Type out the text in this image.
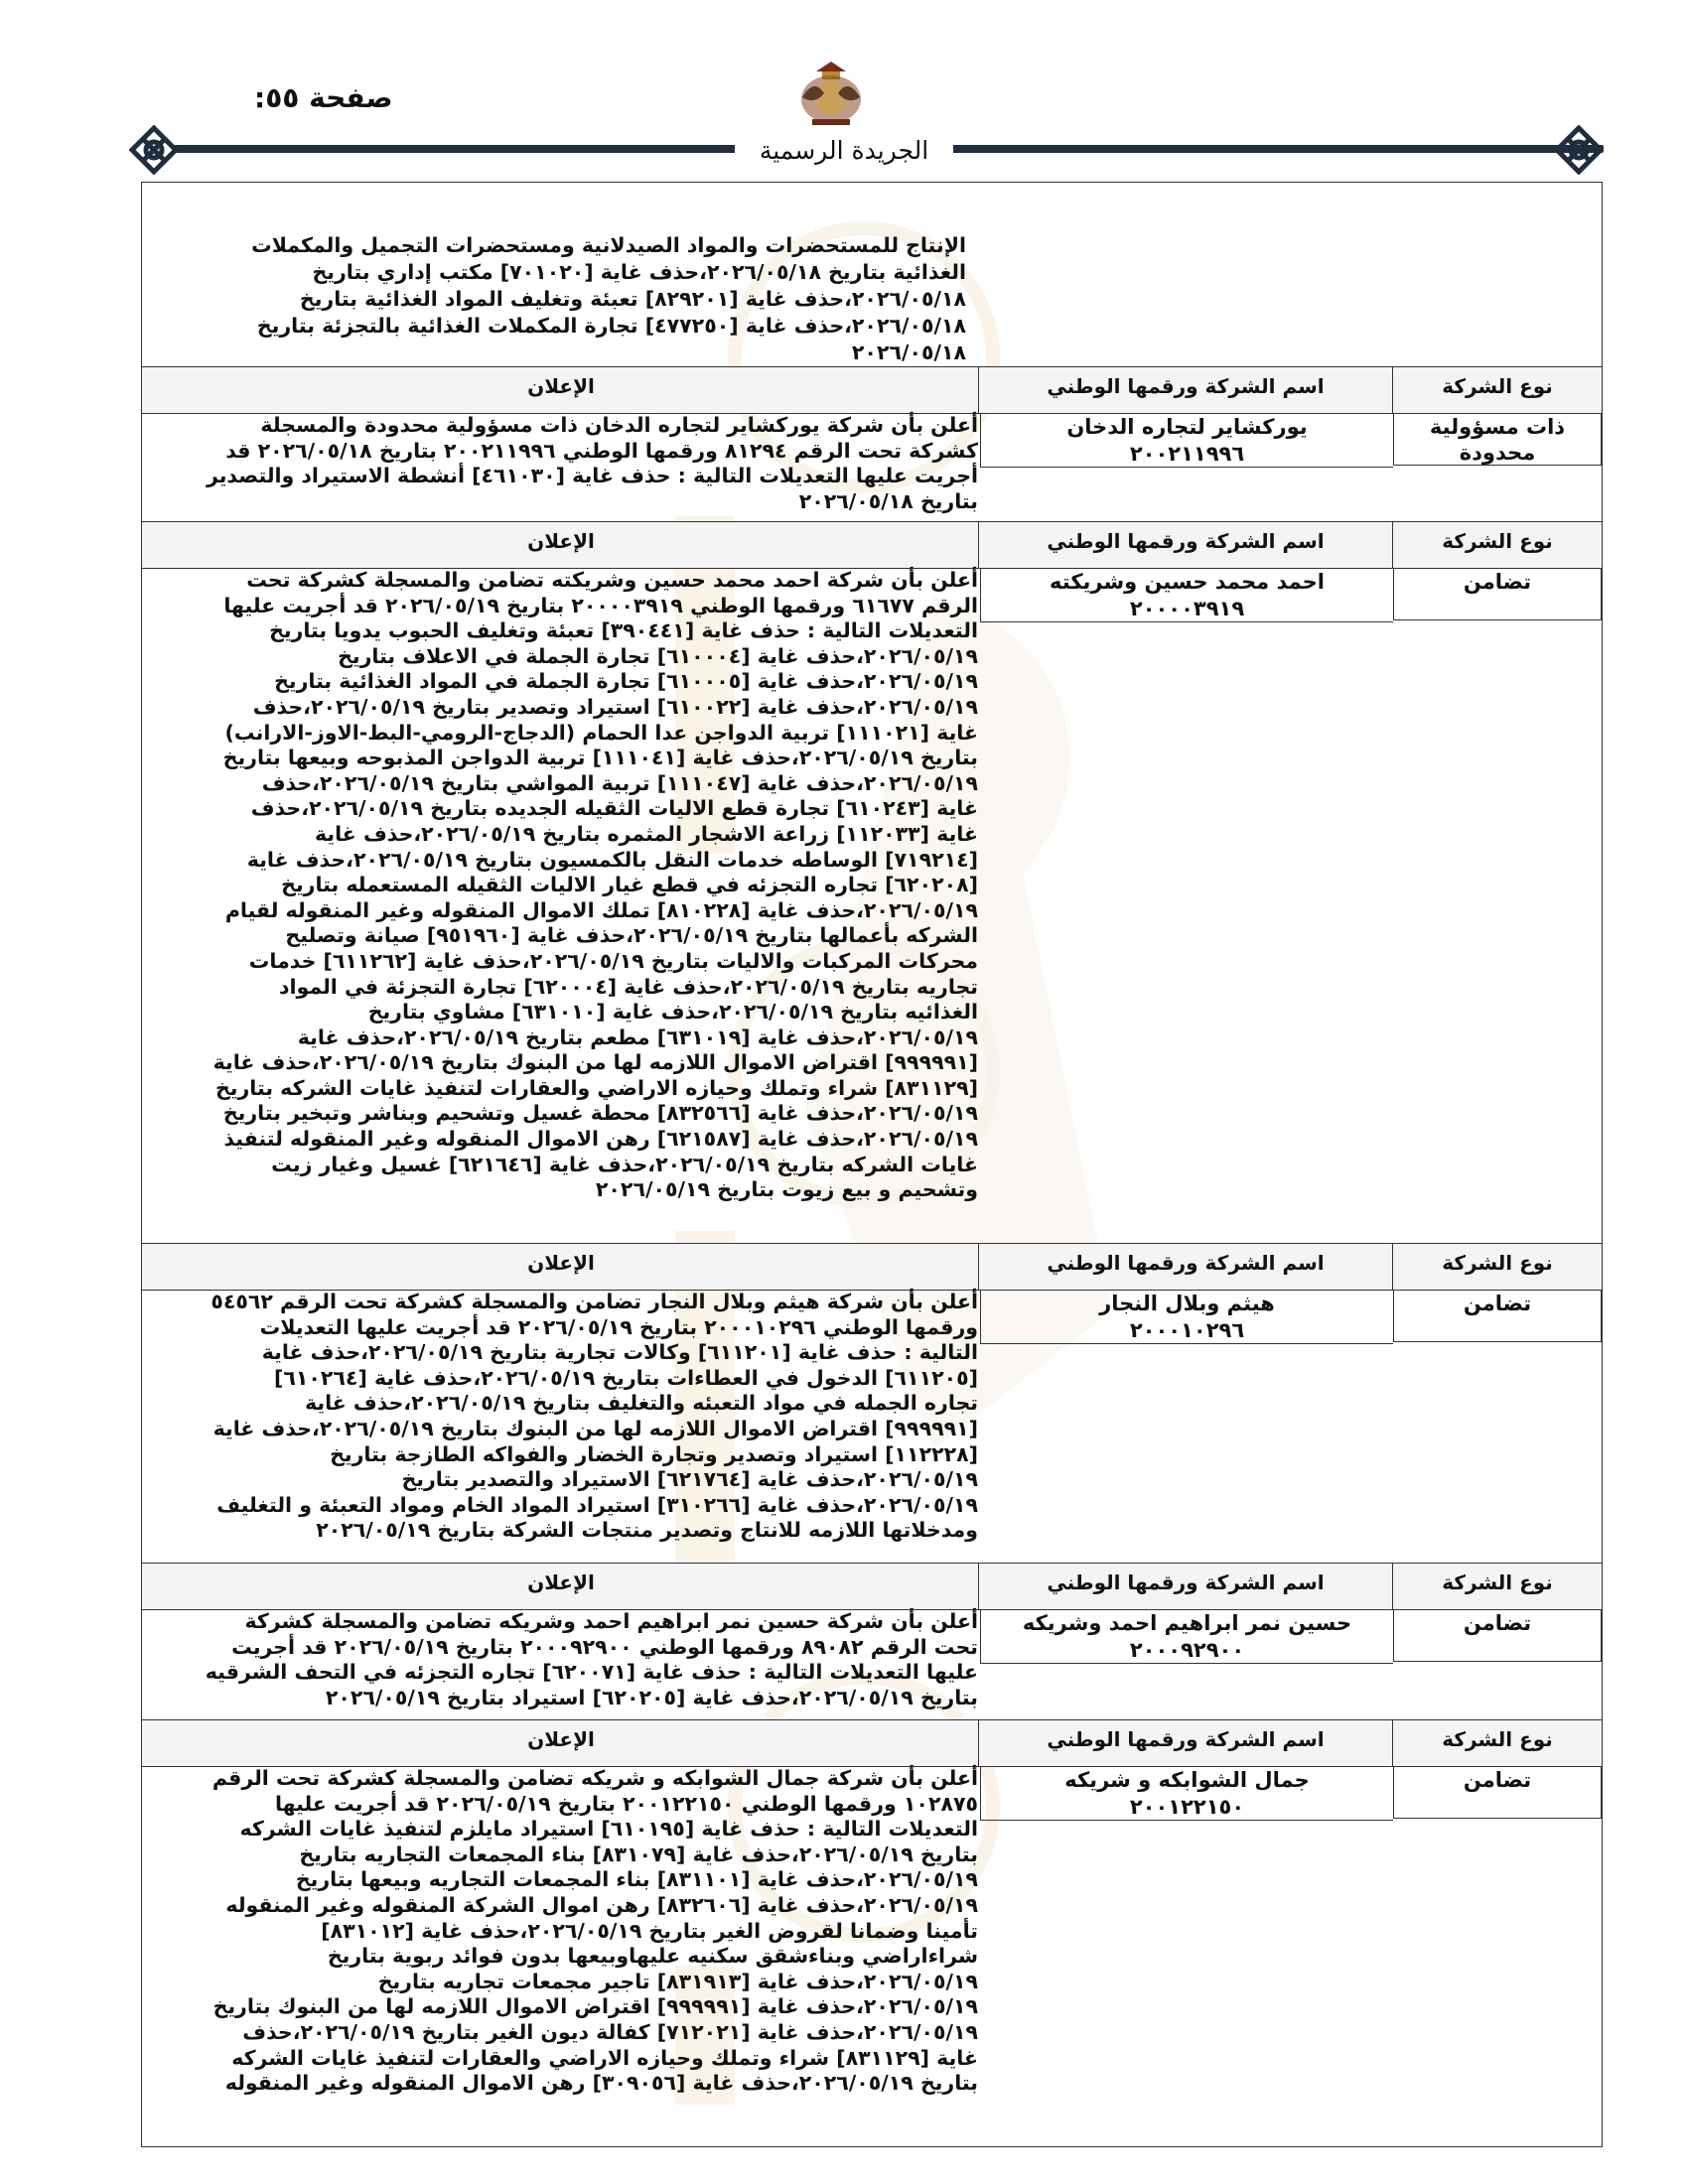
صفحة ٥٥:
الجريدة الرسمية
الإنتاج للمستحضرات والمواد الصيدلانية ومستحضرات التجميل والمكملات
الغذائية بتاريخ ٢٠٢٦/٠٥/١٨،حذف غاية [٧٠١٠٢٠] مكتب إداري بتاريخ
٢٠٢٦/٠٥/١٨،حذف غاية [٨٢٩٢٠١] تعبئة وتغليف المواد الغذائية بتاريخ
٢٠٢٦/٠٥/١٨،حذف غاية [٤٧٧٢٥٠] تجارة المكملات الغذائية بالتجزئة بتاريخ
٢٠٢٦/٠٥/١٨
نوع الشركة
اسم الشركة ورقمها الوطني
الإعلان
ذات مسؤولية
محدودة
يوركشاير لتجاره الدخان
٢٠٠٢١١٩٩٦
أعلن بأن شركة يوركشاير لتجاره الدخان ذات مسؤولية محدودة والمسجلة
كشركة تحت الرقم ٨١٢٩٤ ورقمها الوطني ٢٠٠٢١١٩٩٦ بتاريخ ٢٠٢٦/٠٥/١٨ قد
أجريت عليها التعديلات التالية : حذف غاية [٤٦١٠٣٠] أنشطة الاستيراد والتصدير
بتاريخ ٢٠٢٦/٠٥/١٨
نوع الشركة
اسم الشركة ورقمها الوطني
الإعلان
تضامن
احمد محمد حسين وشريكته
٢٠٠٠٠٣٩١٩
أعلن بأن شركة احمد محمد حسين وشريكته تضامن والمسجلة كشركة تحت
الرقم ٦١٦٧٧ ورقمها الوطني ٢٠٠٠٠٣٩١٩ بتاريخ ٢٠٢٦/٠٥/١٩ قد أجريت عليها
التعديلات التالية : حذف غاية [٣٩٠٤٤١] تعبئة وتغليف الحبوب يدويا بتاريخ
٢٠٢٦/٠٥/١٩،حذف غاية [٦١٠٠٠٤] تجارة الجملة في الاعلاف بتاريخ
٢٠٢٦/٠٥/١٩،حذف غاية [٦١٠٠٠٥] تجارة الجملة في المواد الغذائية بتاريخ
٢٠٢٦/٠٥/١٩،حذف غاية [٦١٠٠٢٢] استيراد وتصدير بتاريخ ٢٠٢٦/٠٥/١٩،حذف
غاية [١١١٠٢١] تربية الدواجن عدا الحمام (الدجاج-الرومي-البط-الاوز-الارانب)
بتاريخ ٢٠٢٦/٠٥/١٩،حذف غاية [١١١٠٤١] تربية الدواجن المذبوحه وبيعها بتاريخ
٢٠٢٦/٠٥/١٩،حذف غاية [١١١٠٤٧] تربية المواشي بتاريخ ٢٠٢٦/٠٥/١٩،حذف
غاية [٦١٠٢٤٣] تجارة قطع الاليات الثقيله الجديده بتاريخ ٢٠٢٦/٠٥/١٩،حذف
غاية [١١٢٠٣٣] زراعة الاشجار المثمره بتاريخ ٢٠٢٦/٠٥/١٩،حذف غاية
[٧١٩٢١٤] الوساطه خدمات النقل بالكمسيون بتاريخ ٢٠٢٦/٠٥/١٩،حذف غاية
[٦٢٠٢٠٨] تجاره التجزئه في قطع غيار الاليات الثقيله المستعمله بتاريخ
٢٠٢٦/٠٥/١٩،حذف غاية [٨١٠٢٢٨] تملك الاموال المنقوله وغير المنقوله لقيام
الشركه بأعمالها بتاريخ ٢٠٢٦/٠٥/١٩،حذف غاية [٩٥١٩٦٠] صيانة وتصليح
محركات المركبات والاليات بتاريخ ٢٠٢٦/٠٥/١٩،حذف غاية [٦١١٢٦٢] خدمات
تجاريه بتاريخ ٢٠٢٦/٠٥/١٩،حذف غاية [٦٢٠٠٠٤] تجارة التجزئة في المواد
الغذائيه بتاريخ ٢٠٢٦/٠٥/١٩،حذف غاية [٦٣١٠١٠] مشاوي بتاريخ
٢٠٢٦/٠٥/١٩،حذف غاية [٦٣١٠١٩] مطعم بتاريخ ٢٠٢٦/٠٥/١٩،حذف غاية
[٩٩٩٩٩١] اقتراض الاموال اللازمه لها من البنوك بتاريخ ٢٠٢٦/٠٥/١٩،حذف غاية
[٨٣١١٢٩] شراء وتملك وحيازه الاراضي والعقارات لتنفيذ غايات الشركه بتاريخ
٢٠٢٦/٠٥/١٩،حذف غاية [٨٣٢٥٦٦] محطة غسيل وتشحيم وبناشر وتبخير بتاريخ
٢٠٢٦/٠٥/١٩،حذف غاية [٦٢١٥٨٧] رهن الاموال المنقوله وغير المنقوله لتنفيذ
غايات الشركه بتاريخ ٢٠٢٦/٠٥/١٩،حذف غاية [٦٢١٦٤٦] غسيل وغيار زيت
وتشحيم و بيع زيوت بتاريخ ٢٠٢٦/٠٥/١٩
نوع الشركة
اسم الشركة ورقمها الوطني
الإعلان
تضامن
هيثم وبلال النجار
٢٠٠٠١٠٢٩٦
أعلن بأن شركة هيثم وبلال النجار تضامن والمسجلة كشركة تحت الرقم ٥٤٥٦٢
ورقمها الوطني ٢٠٠٠١٠٢٩٦ بتاريخ ٢٠٢٦/٠٥/١٩ قد أجريت عليها التعديلات
التالية : حذف غاية [٦١١٢٠١] وكالات تجارية بتاريخ ٢٠٢٦/٠٥/١٩،حذف غاية
[٦١١٢٠٥] الدخول في العطاءات بتاريخ ٢٠٢٦/٠٥/١٩،حذف غاية [٦١٠٢٦٤]
تجاره الجمله في مواد التعبئه والتغليف بتاريخ ٢٠٢٦/٠٥/١٩،حذف غاية
[٩٩٩٩٩١] اقتراض الاموال اللازمه لها من البنوك بتاريخ ٢٠٢٦/٠٥/١٩،حذف غاية
[١١٢٢٢٨] استيراد وتصدير وتجارة الخضار والفواكه الطازجة بتاريخ
٢٠٢٦/٠٥/١٩،حذف غاية [٦٢١٧٦٤] الاستيراد والتصدير بتاريخ
٢٠٢٦/٠٥/١٩،حذف غاية [٣١٠٢٦٦] استيراد المواد الخام ومواد التعبئة و التغليف
ومدخلاتها اللازمه للانتاج وتصدير منتجات الشركة بتاريخ ٢٠٢٦/٠٥/١٩
نوع الشركة
اسم الشركة ورقمها الوطني
الإعلان
تضامن
حسين نمر ابراهيم احمد وشريكه
٢٠٠٠٩٢٩٠٠
أعلن بأن شركة حسين نمر ابراهيم احمد وشريكه تضامن والمسجلة كشركة
تحت الرقم ٨٩٠٨٢ ورقمها الوطني ٢٠٠٠٩٢٩٠٠ بتاريخ ٢٠٢٦/٠٥/١٩ قد أجريت
عليها التعديلات التالية : حذف غاية [٦٢٠٠٧١] تجاره التجزئه في التحف الشرقيه
بتاريخ ٢٠٢٦/٠٥/١٩،حذف غاية [٦٢٠٢٠٥] استيراد بتاريخ ٢٠٢٦/٠٥/١٩
نوع الشركة
اسم الشركة ورقمها الوطني
الإعلان
تضامن
جمال الشوابكه و شريكه
٢٠٠١٢٢١٥٠
أعلن بأن شركة جمال الشوابكه و شريكه تضامن والمسجلة كشركة تحت الرقم
١٠٢٨٧٥ ورقمها الوطني ٢٠٠١٢٢١٥٠ بتاريخ ٢٠٢٦/٠٥/١٩ قد أجريت عليها
التعديلات التالية : حذف غاية [٦١٠١٩٥] استيراد مايلزم لتنفيذ غايات الشركه
بتاريخ ٢٠٢٦/٠٥/١٩،حذف غاية [٨٣١٠٧٩] بناء المجمعات التجاريه بتاريخ
٢٠٢٦/٠٥/١٩،حذف غاية [٨٣١١٠١] بناء المجمعات التجاريه وبيعها بتاريخ
٢٠٢٦/٠٥/١٩،حذف غاية [٨٣٢٦٠٦] رهن اموال الشركة المنقوله وغير المنقوله
تأمينا وضمانا لقروض الغير بتاريخ ٢٠٢٦/٠٥/١٩،حذف غاية [٨٣١٠١٢]
شراءاراضي وبناءشقق سكنيه عليهاوبيعها بدون فوائد ربوية بتاريخ
٢٠٢٦/٠٥/١٩،حذف غاية [٨٣١٩١٣] تاجير مجمعات تجاريه بتاريخ
٢٠٢٦/٠٥/١٩،حذف غاية [٩٩٩٩٩١] اقتراض الاموال اللازمه لها من البنوك بتاريخ
٢٠٢٦/٠٥/١٩،حذف غاية [٧١٢٠٢١] كفالة ديون الغير بتاريخ ٢٠٢٦/٠٥/١٩،حذف
غاية [٨٣١١٢٩] شراء وتملك وحيازه الاراضي والعقارات لتنفيذ غايات الشركه
بتاريخ ٢٠٢٦/٠٥/١٩،حذف غاية [٣٠٩٠٥٦] رهن الاموال المنقوله وغير المنقوله
